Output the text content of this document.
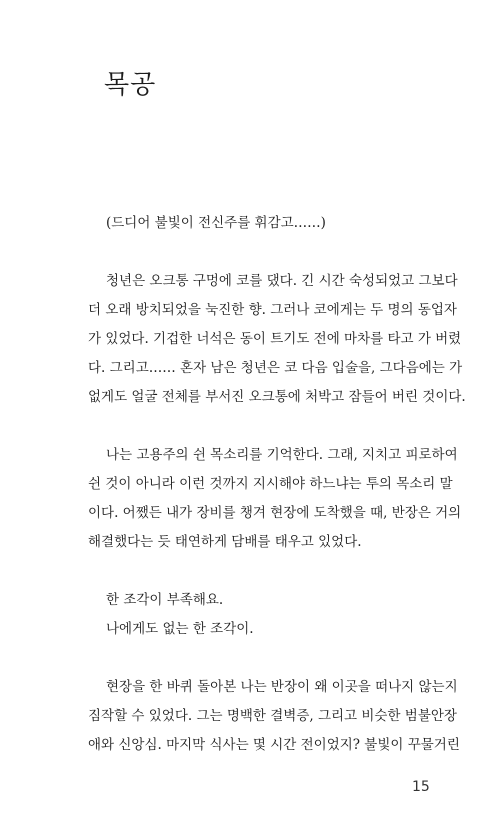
목공
(드디어 불빛이 전신주를 휘감고……)
청년은 오크통 구멍에 코를 댔다. 긴 시간 숙성되었고 그보다
더 오래 방치되었을 눅진한 향. 그러나 코에게는 두 명의 동업자
가 있었다. 기겁한 너석은 동이 트기도 전에 마차를 타고 가 버렸
다. 그리고…… 혼자 남은 청년은 코 다음 입술을, 그다음에는 가
없게도 얼굴 전체를 부서진 오크통에 처박고 잠들어 버린 것이다.
나는 고용주의 쉰 목소리를 기억한다. 그래, 지치고 피로하여
쉰 것이 아니라 이런 것까지 지시해야 하느냐는 투의 목소리 말
이다. 어쨌든 내가 장비를 챙겨 현장에 도착했을 때, 반장은 거의
해결했다는 듯 태연하게 담배를 태우고 있었다.
한 조각이 부족해요.
나에게도 없는 한 조각이.
현장을 한 바퀴 돌아본 나는 반장이 왜 이곳을 떠나지 않는지
짐작할 수 있었다. 그는 명백한 결벽증, 그리고 비슷한 범불안장
애와 신앙심. 마지막 식사는 몇 시간 전이었지? 불빛이 꾸물거린
15
